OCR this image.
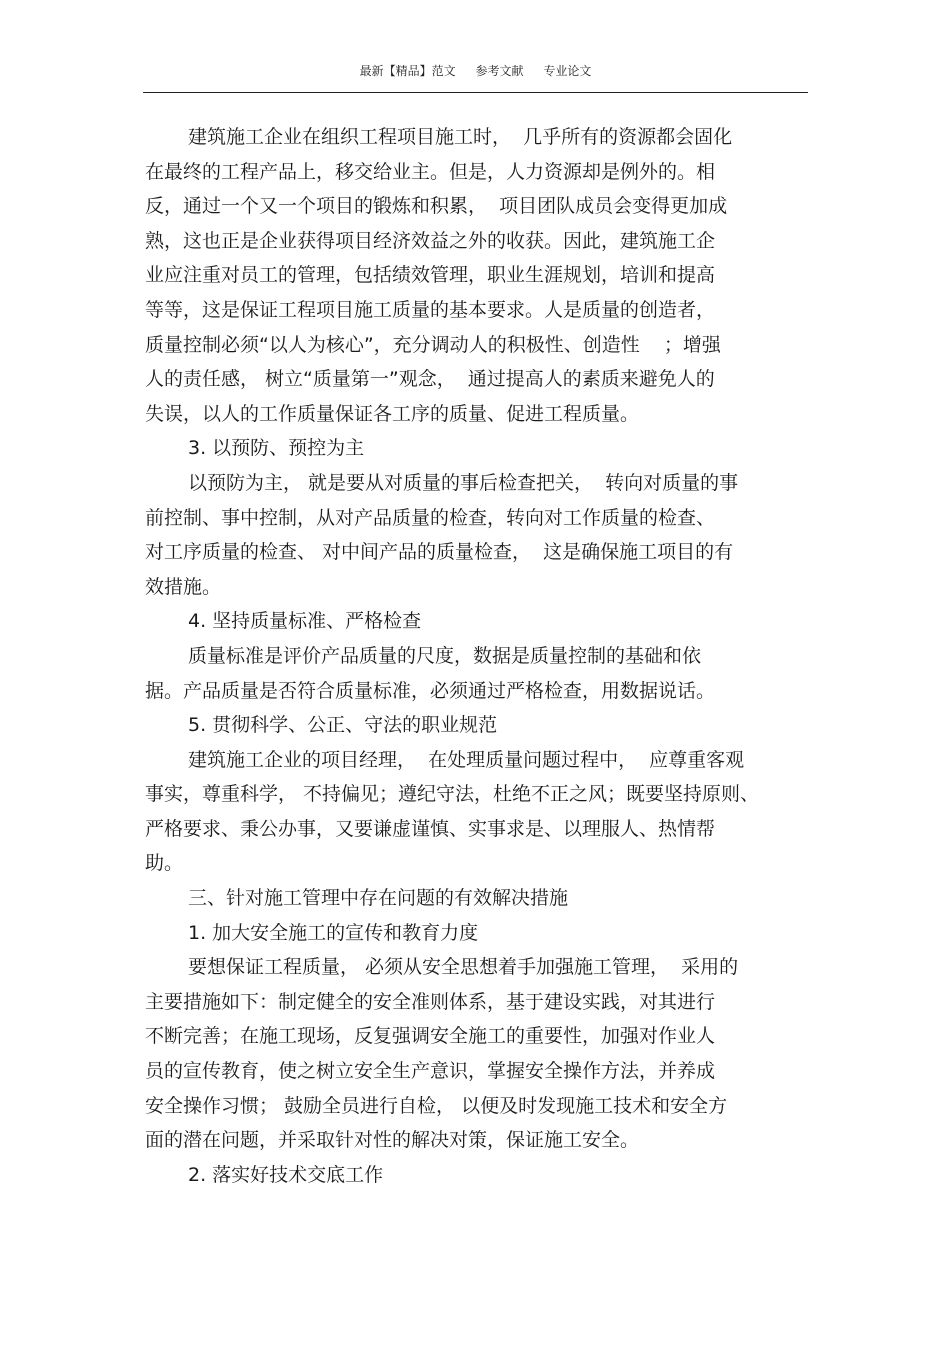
最新【精品】范文 参考文献 专业论文
建筑施工企业在组织工程项目施工时，  几乎所有的资源都会固化
在最终的工程产品上，移交给业主。但是，人力资源却是例外的。相
反，通过一个又一个项目的锻炼和积累，  项目团队成员会变得更加成
熟，这也正是企业获得项目经济效益之外的收获。因此，建筑施工企
业应注重对员工的管理，包括绩效管理，职业生涯规划，培训和提高
等等，这是保证工程项目施工质量的基本要求。人是质量的创造者，
质量控制必须“以人为核心”，充分调动人的积极性、创造性    ；增强
人的责任感， 树立“质量第一”观念，  通过提高人的素质来避免人的
失误，以人的工作质量保证各工序的质量、促进工程质量。
3. 以预防、预控为主
以预防为主， 就是要从对质量的事后检查把关，  转向对质量的事
前控制、事中控制，从对产品质量的检查，转向对工作质量的检查、
对工序质量的检查、 对中间产品的质量检查，  这是确保施工项目的有
效措施。
4. 坚持质量标准、严格检查
质量标准是评价产品质量的尺度，数据是质量控制的基础和依
据。产品质量是否符合质量标准，必须通过严格检查，用数据说话。
5. 贯彻科学、公正、守法的职业规范
建筑施工企业的项目经理，  在处理质量问题过程中，  应尊重客观
事实，尊重科学， 不持偏见；遵纪守法，杜绝不正之风；既要坚持原则、
严格要求、秉公办事，又要谦虚谨慎、实事求是、以理服人、热情帮
助。
三、针对施工管理中存在问题的有效解决措施
1. 加大安全施工的宣传和教育力度
要想保证工程质量， 必须从安全思想着手加强施工管理，  采用的
主要措施如下：制定健全的安全准则体系，基于建设实践，对其进行
不断完善；在施工现场，反复强调安全施工的重要性，加强对作业人
员的宣传教育，使之树立安全生产意识，掌握安全操作方法，并养成
安全操作习惯； 鼓励全员进行自检， 以便及时发现施工技术和安全方
面的潜在问题，并采取针对性的解决对策，保证施工安全。
2. 落实好技术交底工作
